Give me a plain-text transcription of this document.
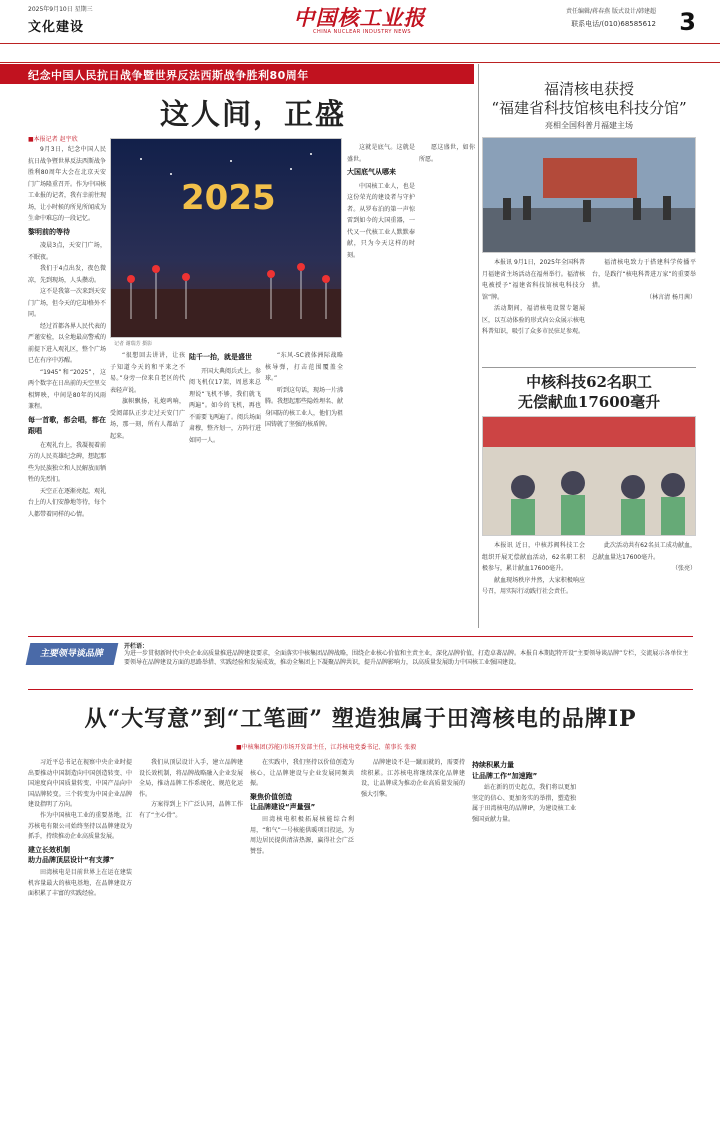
2025年9月10日 星期三
文化建设	中国核工业报
CHINA NUCLEAR INDUSTRY NEWS
责任编辑/蒋春燕 版式设计/韩建超
联系电话/(010)68585612 3
纪念中国人民抗日战争暨世界反法西斯战争胜利80周年
这人间，正盛
■本报记者 赵宇欣

9月3日，纪念中国人民抗日战争暨世界反法西斯战争胜利80周年大会在北京天安门广场隆重召开。作为中国核工业报的记者，我有幸前往现场，让小时候的所见所闻成为生命中难忘的一段记忆。

黎明前的等待

凌晨3点，天安门广场，不眠夜。

我们于4点出发，夜色微凉，先到现场，人头攒动。

这不是我第一次来到天安门广场，但今天的它却格外不同。

经过首都各界人民代表的严谨安检，以全地最高警戒的前提下进入观礼区，整个广场已在有序中苏醒。

“1945”和“2025”，这两个数字在日出前的天空里交相辉映，中间是80年的风雨兼程。

每一首歌，都会唱，都在跟唱

在观礼台上，我凝视着前方的人民英雄纪念碑，想起那些为民族独立和人民解放而牺牲的先烈们。

天空正在逐渐亮起，观礼台上的人们安静地等待，每个人都带着同样的心情。

2025
记者 谢瑞芳 摄影

“很想回去讲讲，让孩子知道今天的和平来之不易。”身旁一位来自老区的代表轻声说。

旗帜飘扬，礼炮鸣响，受阅部队正步走过天安门广场，那一刻，所有人都站了起来。

陆千一抬，就是盛世

开国大典阅兵式上，参阅飞机仅17架，周恩来总理说“飞机不够，我们就飞两遍”。如今的飞机，再也不需要飞两遍了。阅兵场面肃穆，整齐划一，方阵行进如同一人。

“东风-5C液体洲际战略核导弹，打击范围覆盖全球。”

听到这句话，现场一片沸腾。我想起那些隐姓埋名、献身国防的核工业人，他们为祖国铸就了坚强的核盾牌。

这就是底气。这就是盛世。

大国底气从哪来

中国核工业人，也是这份荣光的建设者与守护者。从罗布泊的第一声惊雷到如今的大国重器，一代又一代核工业人默默奉献，只为今天这样的时刻。

愿这盛世，如你所愿。

福清核电获授
“福建省科技馆核电科技分馆”
亮相全国科普月福建主场

本报讯 9月1日，2025年全国科普月福建省主场活动在福州举行。福清核电被授予“福建省科技馆核电科技分馆”牌。

活动期间，福清核电设置专题展区，以互动体验的形式向公众展示核电科普知识，吸引了众多市民驻足参观。

福清核电致力于搭建科学传播平台，是践行“核电科普进万家”的重要举措。

（林言清 杨月茜）

中核科技62名职工
无偿献血17600毫升

本报讯 近日，中核苏阀科技工会组织开展无偿献血活动，62名职工积极参与，累计献血17600毫升。

献血现场秩序井然，大家积极响应号召，用实际行动践行社会责任。

此次活动共有62名员工成功献血，总献血量达17600毫升。

（张亮）

主要领导谈品牌
开栏语：
为进一步贯彻新时代中央企业高质量推进品牌建设要求，全面落实中核集团品牌战略，围绕企业核心价值和主责主业，深化品牌价值，打造卓著品牌。本报自本期起特开设“主要领导谈品牌”专栏，交流展示各单位主要领导在品牌建设方面的思路举措、实践经验和发展成效，推动全集团上下凝聚品牌共识，提升品牌影响力，以高质量发展助力中国核工业强国建设。
从“大写意”到“工笔画” 塑造独属于田湾核电的品牌IP
■中核集团(苏能)市场开发部主任，江苏核电党委书记、董事长 张毅

习近平总书记在视察中央企业时提出要推动中国制造向中国创造转变、中国速度向中国质量转变、中国产品向中国品牌转变。三个转变为中国企业品牌建设指明了方向。

作为中国核电工业的重要基地，江苏核电有限公司始终坚持以品牌建设为抓手，持续推动企业高质量发展。

建立长效机制
助力品牌顶层设计“有支撑”

田湾核电是目前世界上在运在建装机容量最大的核电基地，在品牌建设方面积累了丰富的实践经验。

我们从顶层设计入手，建立品牌建设长效机制，将品牌战略融入企业发展全局，推动品牌工作系统化、规范化运作。

方案得到上下广泛认同，品牌工作有了“主心骨”。

在实践中，我们坚持以价值创造为核心，让品牌建设与企业发展同频共振。

聚焦价值创造
让品牌建设“声量强”

田湾核电积极拓展核能综合利用，“和气”一号核能供暖项目投运，为周边居民提供清洁热源，赢得社会广泛赞誉。

品牌建设不是一蹴而就的，需要持续积累。江苏核电将继续深化品牌建设，让品牌成为推动企业高质量发展的强大引擎。

持续积累力量
让品牌工作“加速跑”

站在新的历史起点，我们将以更加坚定的信心、更加务实的举措，塑造独属于田湾核电的品牌IP，为建设核工业强国贡献力量。
